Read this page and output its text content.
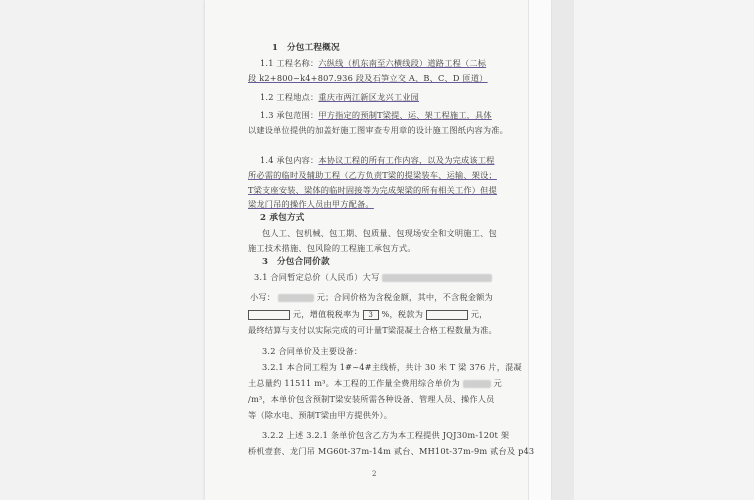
1　分包工程概况
1.1 工程名称：六纵线（机东南至六横线段）道路工程（二标
段 k2+800~k4+807.936 段及石笋立交 A、B、C、D 匝道）
1.2 工程地点：重庆市两江新区龙兴工业园
1.3 承包范围：甲方指定的预制T梁提、运、架工程施工，具体
以建设单位提供的加盖好施工图审查专用章的设计施工图纸内容为准。
1.4 承包内容：本协议工程的所有工作内容，以及为完成该工程
所必需的临时及辅助工程（乙方负责T梁的提梁装车、运输、架设；
T梁支座安装、梁体的临时固接等为完成架梁的所有相关工作）但提
梁龙门吊的操作人员由甲方配备。
2 承包方式
包人工、包机械、包工期、包质量、包现场安全和文明施工、包
施工技术措施、包风险的工程施工承包方式。
3　分包合同价款
3.1 合同暂定总价（人民币）大写
小写：	元；合同价格为含税金额，其中，不含税金额为
元，增值税税率为 3 %，税款为	元，
最终结算与支付以实际完成的可计量T梁混凝土合格工程数量为准。
3.2 合同单价及主要设备：
3.2.1 本合同工程为 1#~4#主线桥，共计 30 米 T 梁 376 片，混凝
土总量约 11511 m³。本工程的工作量全费用综合单价为	元
/m³，本单价包含预制T梁安装所需各种设备、管理人员、操作人员
等（除水电、预制T梁由甲方提供外）。
3.2.2 上述 3.2.1 条单价包含乙方为本工程提供 JQJ30m-120t 架
桥机壹套、龙门吊 MG60t-37m-14m 贰台、MH10t-37m-9m 贰台及 p43
2
